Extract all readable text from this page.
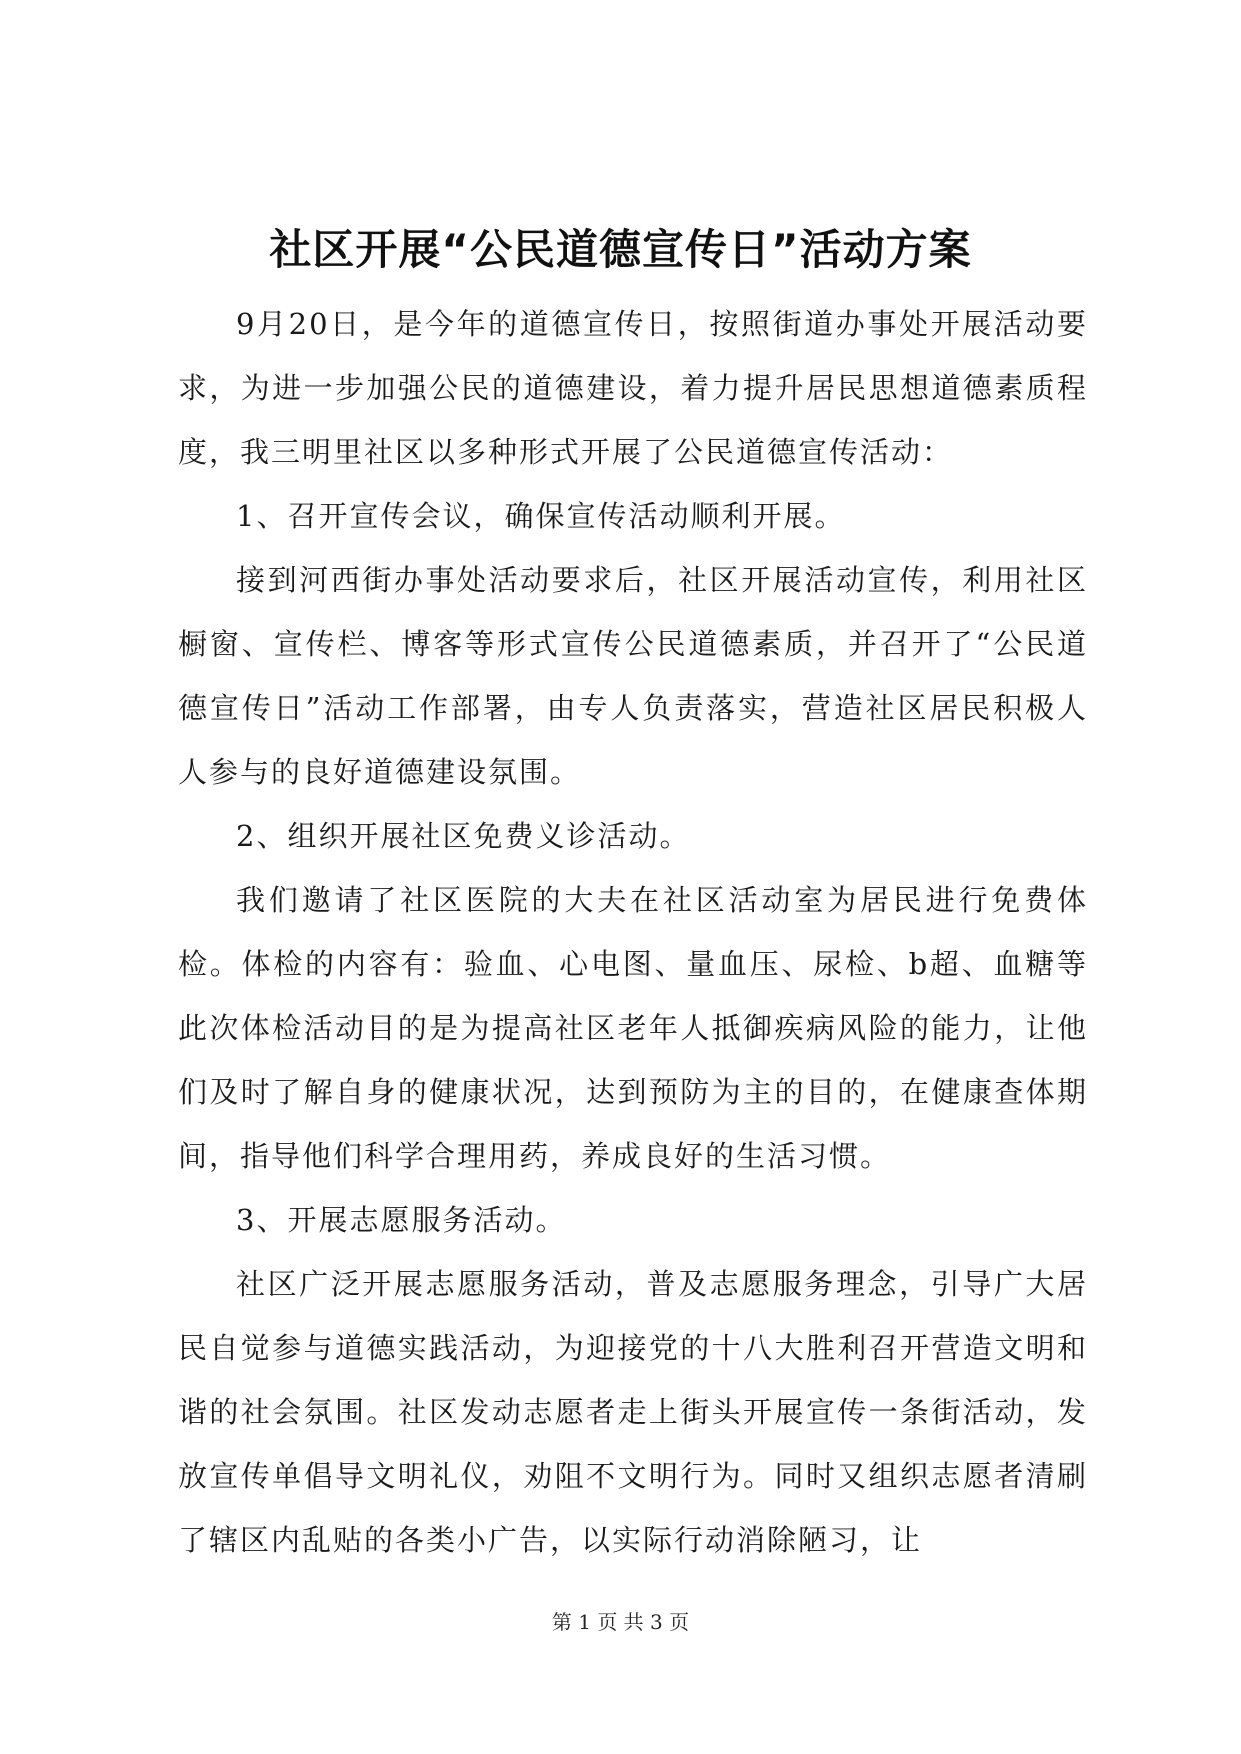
社区开展“公民道德宣传日”活动方案

9月20日，是今年的道德宣传日，按照街道办事处开展活动要求，为进一步加强公民的道德建设，着力提升居民思想道德素质程度，我三明里社区以多种形式开展了公民道德宣传活动：

1、召开宣传会议，确保宣传活动顺利开展。

接到河西街办事处活动要求后，社区开展活动宣传，利用社区橱窗、宣传栏、博客等形式宣传公民道德素质，并召开了“公民道德宣传日”活动工作部署，由专人负责落实，营造社区居民积极人人参与的良好道德建设氛围。

2、组织开展社区免费义诊活动。

我们邀请了社区医院的大夫在社区活动室为居民进行免费体检。体检的内容有：验血、心电图、量血压、尿检、b超、血糖等此次体检活动目的是为提高社区老年人抵御疾病风险的能力，让他们及时了解自身的健康状况，达到预防为主的目的，在健康查体期间，指导他们科学合理用药，养成良好的生活习惯。

3、开展志愿服务活动。

社区广泛开展志愿服务活动，普及志愿服务理念，引导广大居民自觉参与道德实践活动，为迎接党的十八大胜利召开营造文明和谐的社会氛围。社区发动志愿者走上街头开展宣传一条街活动，发放宣传单倡导文明礼仪，劝阻不文明行为。同时又组织志愿者清刷了辖区内乱贴的各类小广告，以实际行动消除陋习，让

第 1 页 共 3 页
